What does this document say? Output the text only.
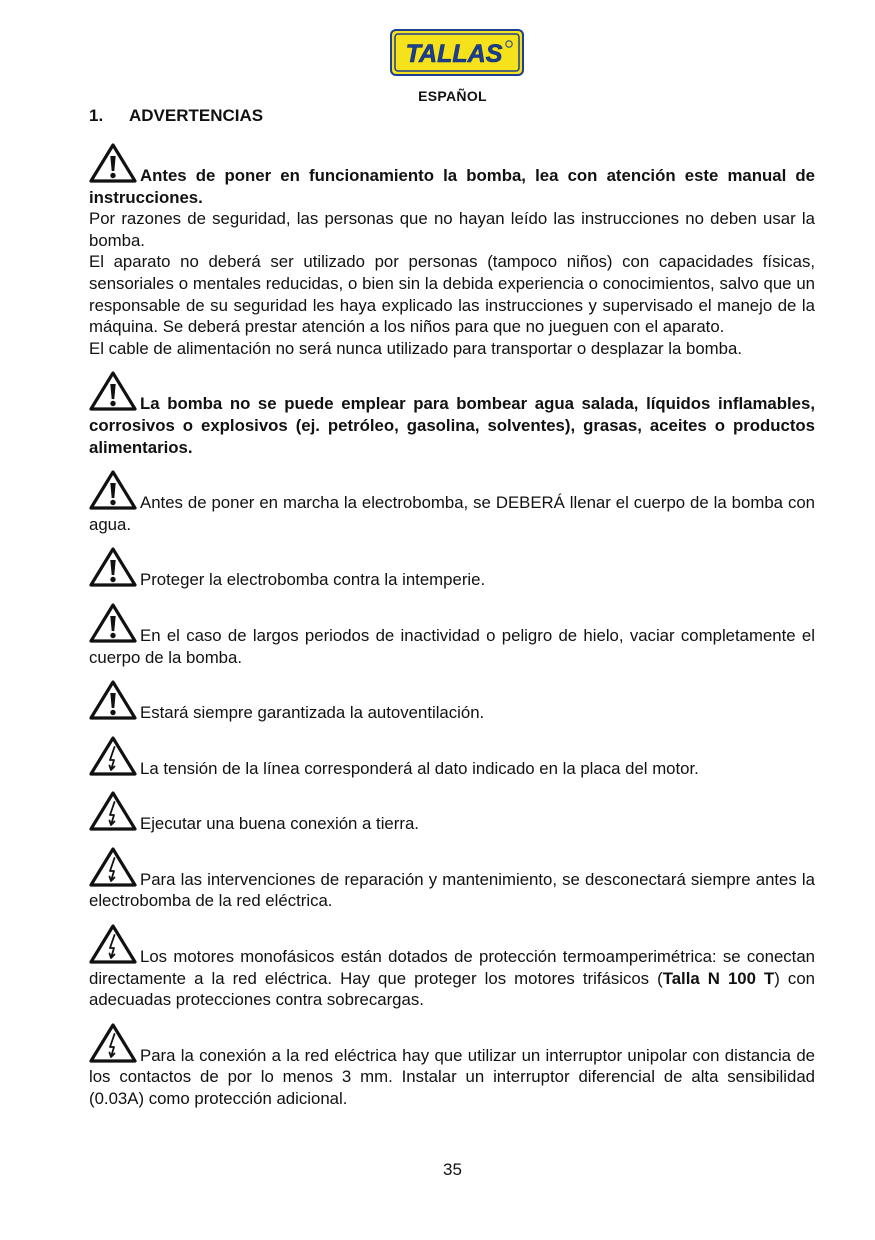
TALLAS
ESPAÑOL
1. ADVERTENCIAS

Antes de poner en funcionamiento la bomba, lea con atención este manual de instrucciones.

Por razones de seguridad, las personas que no hayan leído las instrucciones no deben usar la bomba.

El aparato no deberá ser utilizado por personas (tampoco niños) con capacidades físicas, sensoriales o mentales reducidas, o bien sin la debida experiencia o conocimientos, salvo que un responsable de su seguridad les haya explicado las instrucciones y supervisado el manejo de la máquina. Se deberá prestar atención a los niños para que no jueguen con el aparato.

El cable de alimentación no será nunca utilizado para transportar o desplazar la bomba.

La bomba no se puede emplear para bombear agua salada, líquidos inflamables, corrosivos o explosivos (ej. petróleo, gasolina, solventes), grasas, aceites o productos alimentarios.

Antes de poner en marcha la electrobomba, se DEBERÁ llenar el cuerpo de la bomba con agua.

Proteger la electrobomba contra la intemperie.

En el caso de largos periodos de inactividad o peligro de hielo, vaciar completamente el cuerpo de la bomba.

Estará siempre garantizada la autoventilación.

La tensión de la línea corresponderá al dato indicado en la placa del motor.

Ejecutar una buena conexión a tierra.

Para las intervenciones de reparación y mantenimiento, se desconectará siempre antes la electrobomba de la red eléctrica.

Los motores monofásicos están dotados de protección termoamperimétrica: se conectan directamente a la red eléctrica. Hay que proteger los motores trifásicos (Talla N 100 T) con adecuadas protecciones contra sobrecargas.

Para la conexión a la red eléctrica hay que utilizar un interruptor unipolar con distancia de los contactos de por lo menos 3 mm. Instalar un interruptor diferencial de alta sensibilidad (0.03A) como protección adicional.

35
